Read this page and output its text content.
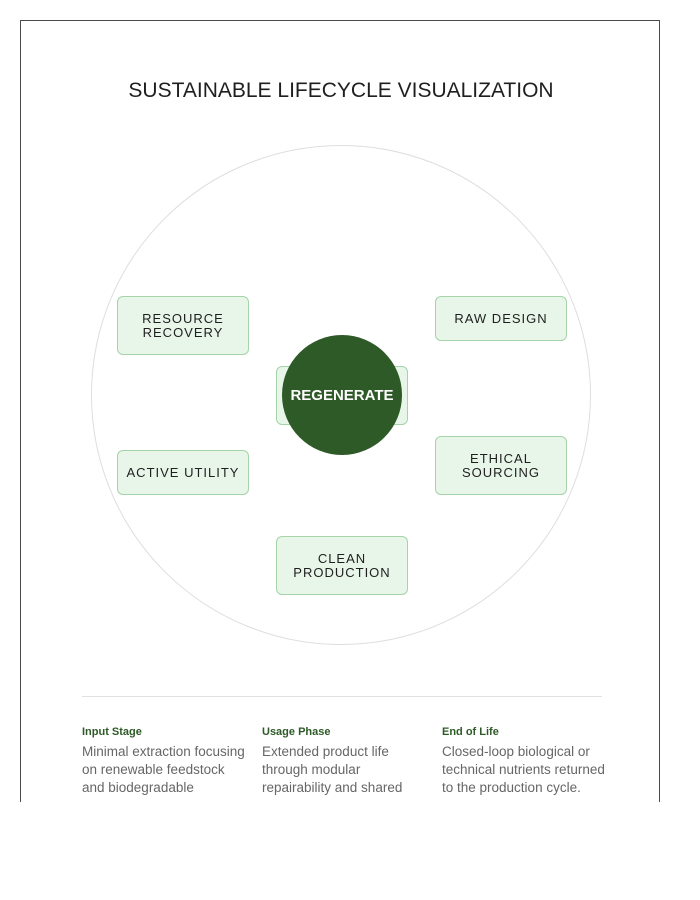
SUSTAINABLE LIFECYCLE VISUALIZATION
RESOURCE
RECOVERY
RAW DESIGN
ACTIVE UTILITY
ETHICAL
SOURCING
CLEAN
PRODUCTION
REGENERATE
Input Stage
Minimal extraction focusing on renewable feedstock and biodegradable
Usage Phase
Extended product life through modular repairability and shared
End of Life
Closed-loop biological or technical nutrients returned to the production cycle.
